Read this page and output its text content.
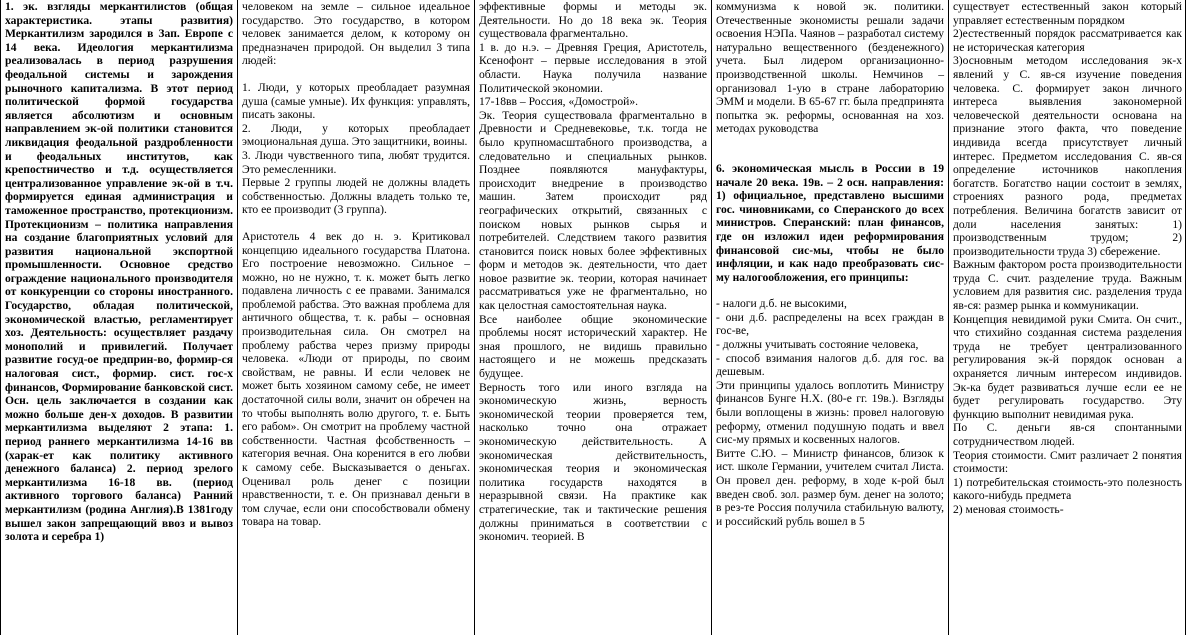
1. эк. взгляды меркантилистов (общая характеристика. этапы развития) Меркантилизм зародился в Зап. Европе с 14 века. Идеология меркантилизма реализовалась в период разрушения феодальной системы и зарождения рыночного капитализма. В этот период политической формой государства является абсолютизм и основным направлением эк-ой политики становится ликвидация феодальной раздробленности и феодальных институтов, как крепостничество и т.д. осуществляется централизованное управление эк-ой в т.ч. формируется единая администрация и таможенное пространство, протекционизм. Протекционизм – политика направления на создание благоприятных условий для развития национальной экспортной промышленности. Основное средство ограждение национального производителя от конкуренции со стороны иностранного. Государство, обладая политической, экономической властью, регламентирует хоз. Деятельность: осуществляет раздачу монополий и привилегий. Получает развитие госуд-ое предприн-во, формир-ся налоговая сист., формир. сист. гос-х финансов, Формирование банковской сист. Осн. цель заключается в создании как можно больше ден-х доходов. В развитии меркантилизма выделяют 2 этапа: 1. период раннего меркантилизма 14-16 вв (харак-ет как политику активного денежного баланса) 2. период зрелого меркантилизма 16-18 вв. (период активного торгового баланса) Ранний меркантилизм (родина Англия).В 1381году вышел закон запрещающий ввоз и вывоз золота и серебра 1)

человеком на земле – сильное идеальное государство. Это государство, в котором человек занимается делом, к которому он предназначен природой. Он выделил 3 типа людей:

1. Люди, у которых преобладает разумная душа (самые умные). Их функция: управлять, писать законы.

2. Люди, у которых преобладает эмоциональная душа. Это защитники, воины.

3. Люди чувственного типа, любят трудится. Это ремесленники.

Первые 2 группы людей не должны владеть собственностью. Должны владеть только те, кто ее производит (3 группа).

Аристотель 4 век до н. э. Критиковал концепцию идеального государства Платона. Его построение невозможно. Сильное – можно, но не нужно, т. к. может быть легко подавлена личность с ее правами. Занимался проблемой рабства. Это важная проблема для античного общества, т. к. рабы – основная производительная сила. Он смотрел на проблему рабства через призму природы человека. «Люди от природы, по своим свойствам, не равны. И если человек не может быть хозяином самому себе, не имеет достаточной силы воли, значит он обречен на то чтобы выполнять волю другого, т. е. Быть его рабом». Он смотрит на проблему частной собственности. Частная фсобственность – категория вечная. Она коренится в его любви к самому себе. Высказывается о деньгах. Оценивал роль денег с позиции нравственности, т. е. Он признавал деньги в том случае, если они способствовали обмену товара на товар.

эффективные формы и методы эк. Деятельности. Но до 18 века эк. Теория существовала фрагментально.

1 в. до н.э. – Древняя Греция, Аристотель, Ксенофонт – первые исследования в этой области. Наука получила название Политической экономии.

17-18вв – Россия, «Домострой».

Эк. Теория существовала фрагментально в Древности и Средневековье, т.к. тогда не было крупномасштабного производства, а следовательно и специальных рынков. Позднее появляются мануфактуры, происходит внедрение в производство машин. Затем происходит ряд географических открытий, связанных с поиском новых рынков сырья и потребителей. Следствием такого развития становится поиск новых более эффективных форм и методов эк. деятельности, что дает новое развитие эк. теории, которая начинает рассматриваться уже не фрагментально, но как целостная самостоятельная наука.

Все наиболее общие экономические проблемы носят исторический характер. Не зная прошлого, не видишь правильно настоящего и не можешь предсказать будущее.

Верность того или иного взгляда на экономическую жизнь, верность экономической теории проверяется тем, насколько точно она отражает экономическую действительность. А экономическая действительность, экономическая теория и экономическая политика государств находятся в неразрывной связи. На практике как стратегические, так и тактические решения должны приниматься в соответствии с экономич. теорией. В

коммунизма к новой эк. политики. Отечественные экономисты решали задачи освоения НЭПа. Чаянов – разработал систему натурально вещественного (безденежного) учета. Был лидером организационно-производственной школы. Немчинов – организовал 1-ую в стране лабораторию ЭММ и модели. В 65-67 гг. была предпринята попытка эк. реформы, основанная на хоз. методах руководства

6. экономическая мысль в России в 19 начале 20 века. 19в. – 2 осн. направления: 1) официальное, представлено высшими гос. чиновниками, со Сперанского до всех министров. Сперанский: план финансов, где он изложил идеи реформирования финансовой сис-мы, чтобы не было инфляции, и как надо преобразовать сис-му налогообложения, его принципы:

- налоги д.б. не высокими,

- они д.б. распределены на всех граждан в гос-ве,

- должны учитывать состояние человека,

- способ взимания налогов д.б. для гос. ва дешевым.

Эти принципы удалось воплотить Министру финансов Бунге Н.Х. (80-е гг. 19в.). Взгляды были воплощены в жизнь: провел налоговую реформу, отменил подушную подать и ввел сис-му прямых и косвенных налогов.

Витте С.Ю. – Министр финансов, близок к ист. школе Германии, учителем считал Листа. Он провел ден. реформу, в ходе к-рой был введен своб. зол. размер бум. денег на золото; в рез-те Россия получила стабильную валюту, и российский рубль вошел в 5

существует естественный закон который управляет естественным порядком

2)естественный порядок рассматривается как не историческая категория

3)основным методом исследования эк-х явлений у С. яв-ся изучение поведения человека. С. формирует закон личного интереса выявления закономерной человеческой деятельности основана на признание этого факта, что поведение индивида всегда присутствует личный интерес. Предметом исследования С. яв-ся определение источников накопления богатств. Богатство нации состоит в землях, строениях разного рода, предметах потребления. Величина богатств зависит от доли населения занятых: 1) производственным трудом; 2) производительности труда 3) сбережение.

Важным фактором роста производительности труда С. счит. разделение труда. Важным условием для развития сис. разделения труда яв-ся: размер рынка и коммуникации.

Концепция невидимой руки Смита. Он счит., что стихийно созданная система разделения труда не требует централизованного регулирования эк-й порядок основан а охраняется личным интересом индивидов. Эк-ка будет развиваться лучше если ее не будет регулировать государство. Эту функцию выполнит невидимая рука.

По С. деньги яв-ся спонтанными сотрудничеством людей.

Теория стоимости. Смит различает 2 понятия стоимости:

1) потребительская стоимость-это полезность какого-нибудь предмета

2) меновая стоимость-
